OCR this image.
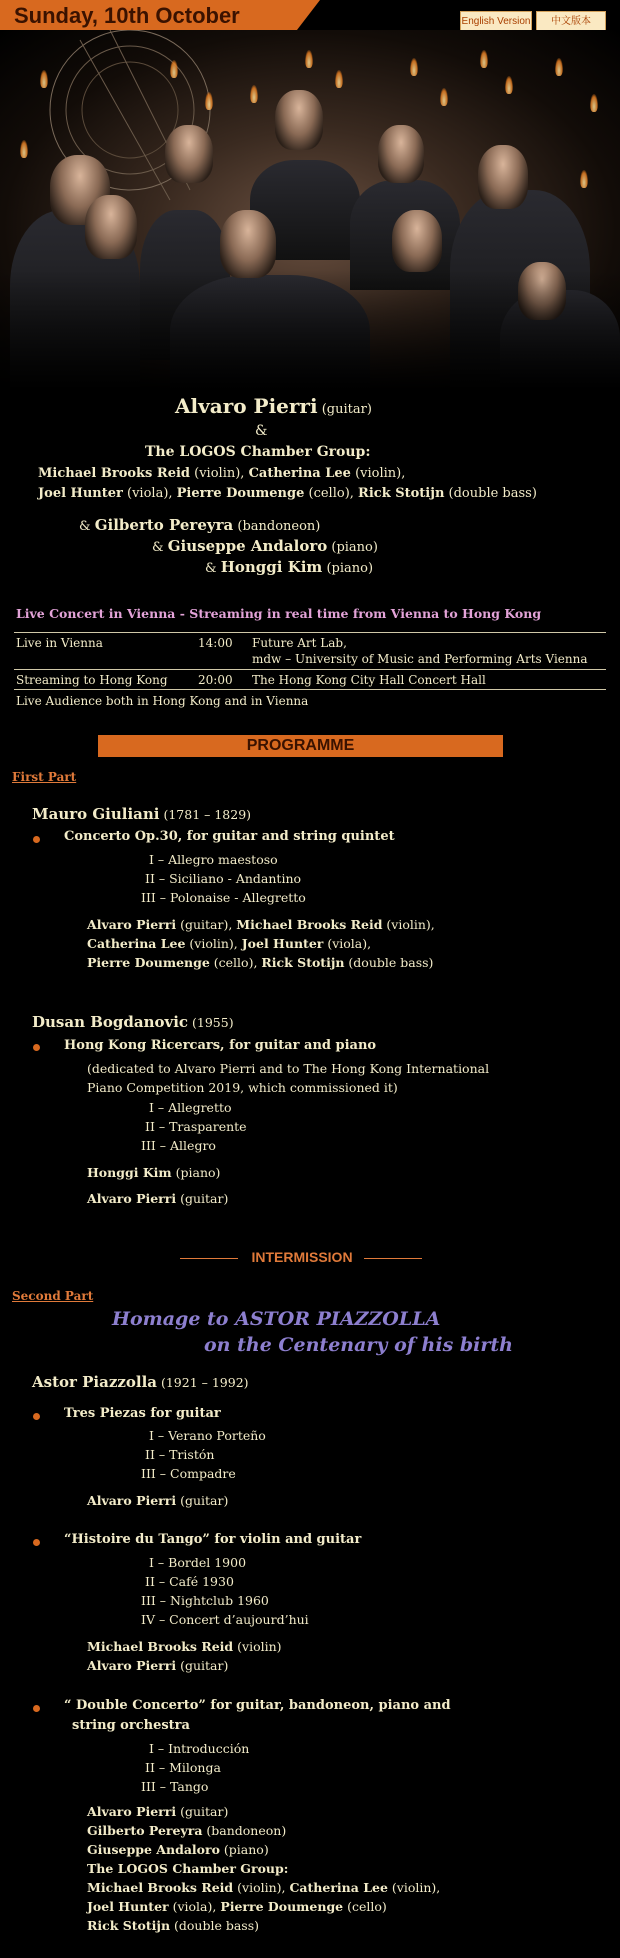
Sunday, 10th October	English Version	中文版本
Alvaro Pierri (guitar)
&
The LOGOS Chamber Group:
Michael Brooks Reid (violin), Catherina Lee (violin),
Joel Hunter (viola), Pierre Doumenge (cello), Rick Stotijn (double bass)
& Gilberto Pereyra (bandoneon)
& Giuseppe Andaloro (piano)
& Honggi Kim (piano)
Live Concert in Vienna - Streaming in real time from Vienna to Hong Kong
Live in Vienna	14:00 Future Art Lab,
mdw – University of Music and Performing Arts Vienna
Streaming to Hong Kong	20:00 The Hong Kong City Hall Concert Hall
Live Audience both in Hong Kong and in Vienna
PROGRAMME
First Part
Mauro Giuliani (1781 – 1829)
Concerto Op.30, for guitar and string quintet
I – Allegro maestoso
II – Siciliano - Andantino
III – Polonaise - Allegretto
Alvaro Pierri (guitar), Michael Brooks Reid (violin),
Catherina Lee (violin), Joel Hunter (viola),
Pierre Doumenge (cello), Rick Stotijn (double bass)
Dusan Bogdanovic (1955)
Hong Kong Ricercars, for guitar and piano
(dedicated to Alvaro Pierri and to The Hong Kong International
Piano Competition 2019, which commissioned it)
I – Allegretto
II – Trasparente
III – Allegro
Honggi Kim (piano)
Alvaro Pierri (guitar)
INTERMISSION
Second Part
Homage to ASTOR PIAZZOLLA
on the Centenary of his birth
Astor Piazzolla (1921 – 1992)
Tres Piezas for guitar
I – Verano Porteño
II – Tristón
III – Compadre
Alvaro Pierri (guitar)
“Histoire du Tango” for violin and guitar
I – Bordel 1900
II – Café 1930
III – Nightclub 1960
IV – Concert d’aujourd’hui
Michael Brooks Reid (violin)
Alvaro Pierri (guitar)
“ Double Concerto” for guitar, bandoneon, piano and
string orchestra
I – Introducción
II – Milonga
III – Tango
Alvaro Pierri (guitar)
Gilberto Pereyra (bandoneon)
Giuseppe Andaloro (piano)
The LOGOS Chamber Group:
Michael Brooks Reid (violin), Catherina Lee (violin),
Joel Hunter (viola), Pierre Doumenge (cello)
Rick Stotijn (double bass)
